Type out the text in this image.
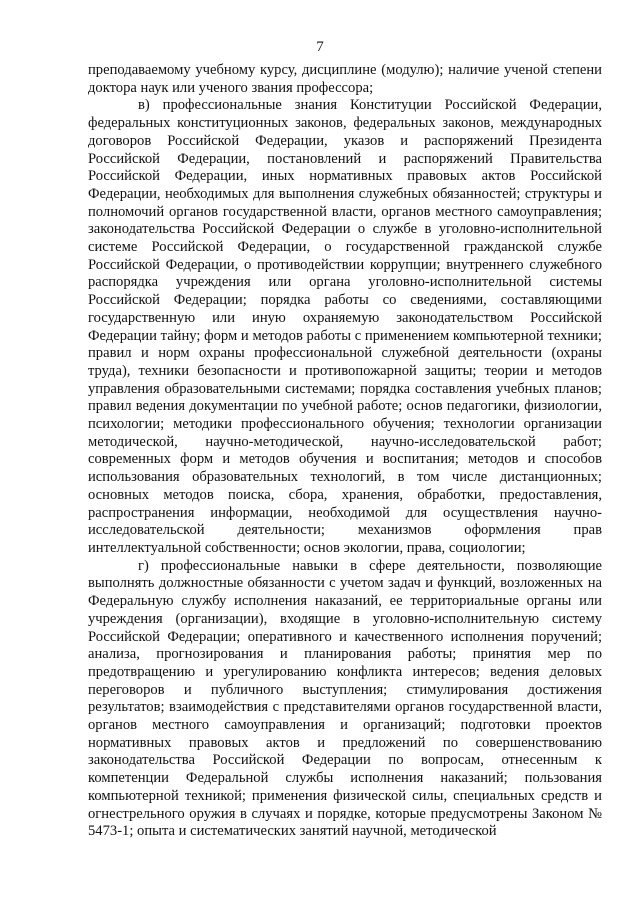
7

преподаваемому учебному курсу, дисциплине (модулю); наличие ученой степени доктора наук или ученого звания профессора;

в) профессиональные знания Конституции Российской Федерации, федеральных конституционных законов, федеральных законов, международных договоров Российской Федерации, указов и распоряжений Президента Российской Федерации, постановлений и распоряжений Правительства Российской Федерации, иных нормативных правовых актов Российской Федерации, необходимых для выполнения служебных обязанностей; структуры и полномочий органов государственной власти, органов местного самоуправления; законодательства Российской Федерации о службе в уголовно-исполнительной системе Российской Федерации, о государственной гражданской службе Российской Федерации, о противодействии коррупции; внутреннего служебного распорядка учреждения или органа уголовно-исполнительной системы Российской Федерации; порядка работы со сведениями, составляющими государственную или иную охраняемую законодательством Российской Федерации тайну; форм и методов работы с применением компьютерной техники; правил и норм охраны профессиональной служебной деятельности (охраны труда), техники безопасности и противопожарной защиты; теории и методов управления образовательными системами; порядка составления учебных планов; правил ведения документации по учебной работе; основ педагогики, физиологии, психологии; методики профессионального обучения; технологии организации методической, научно-методической, научно-исследовательской работ; современных форм и методов обучения и воспитания; методов и способов использования образовательных технологий, в том числе дистанционных; основных методов поиска, сбора, хранения, обработки, предоставления, распространения информации, необходимой для осуществления научно-исследовательской деятельности; механизмов оформления прав интеллектуальной собственности; основ экологии, права, социологии;

г) профессиональные навыки в сфере деятельности, позволяющие выполнять должностные обязанности с учетом задач и функций, возложенных на Федеральную службу исполнения наказаний, ее территориальные органы или учреждения (организации), входящие в уголовно-исполнительную систему Российской Федерации; оперативного и качественного исполнения поручений; анализа, прогнозирования и планирования работы; принятия мер по предотвращению и урегулированию конфликта интересов; ведения деловых переговоров и публичного выступления; стимулирования достижения результатов; взаимодействия с представителями органов государственной власти, органов местного самоуправления и организаций; подготовки проектов нормативных правовых актов и предложений по совершенствованию законодательства Российской Федерации по вопросам, отнесенным к компетенции Федеральной службы исполнения наказаний; пользования компьютерной техникой; применения физической силы, специальных средств и огнестрельного оружия в случаях и порядке, которые предусмотрены Законом № 5473-1; опыта и систематических занятий научной, методической
